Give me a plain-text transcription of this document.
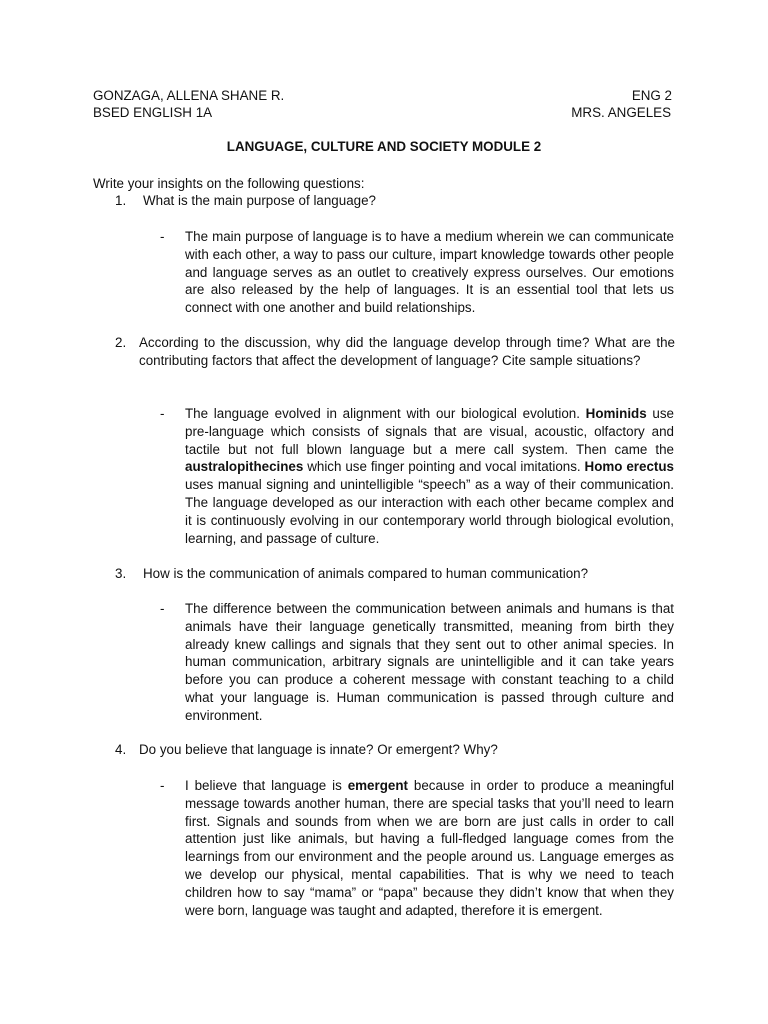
GONZAGA, ALLENA SHANE R.
BSED ENGLISH 1A
ENG 2
MRS. ANGELES
LANGUAGE, CULTURE AND SOCIETY MODULE 2
Write your insights on the following questions:
1. What is the main purpose of language?
- The main purpose of language is to have a medium wherein we can communicate with each other, a way to pass our culture, impart knowledge towards other people and language serves as an outlet to creatively express ourselves. Our emotions are also released by the help of languages. It is an essential tool that lets us connect with one another and build relationships.
2. According to the discussion, why did the language develop through time? What are the contributing factors that affect the development of language? Cite sample situations?
- The language evolved in alignment with our biological evolution. Hominids use pre-language which consists of signals that are visual, acoustic, olfactory and tactile but not full blown language but a mere call system. Then came the australopithecines which use finger pointing and vocal imitations. Homo erectus uses manual signing and unintelligible “speech” as a way of their communication. The language developed as our interaction with each other became complex and it is continuously evolving in our contemporary world through biological evolution, learning, and passage of culture.
3. How is the communication of animals compared to human communication?
- The difference between the communication between animals and humans is that animals have their language genetically transmitted, meaning from birth they already knew callings and signals that they sent out to other animal species. In human communication, arbitrary signals are unintelligible and it can take years before you can produce a coherent message with constant teaching to a child what your language is. Human communication is passed through culture and environment.
4. Do you believe that language is innate? Or emergent? Why?
- I believe that language is emergent because in order to produce a meaningful message towards another human, there are special tasks that you’ll need to learn first. Signals and sounds from when we are born are just calls in order to call attention just like animals, but having a full-fledged language comes from the learnings from our environment and the people around us. Language emerges as we develop our physical, mental capabilities. That is why we need to teach children how to say “mama” or “papa” because they didn’t know that when they were born, language was taught and adapted, therefore it is emergent.
